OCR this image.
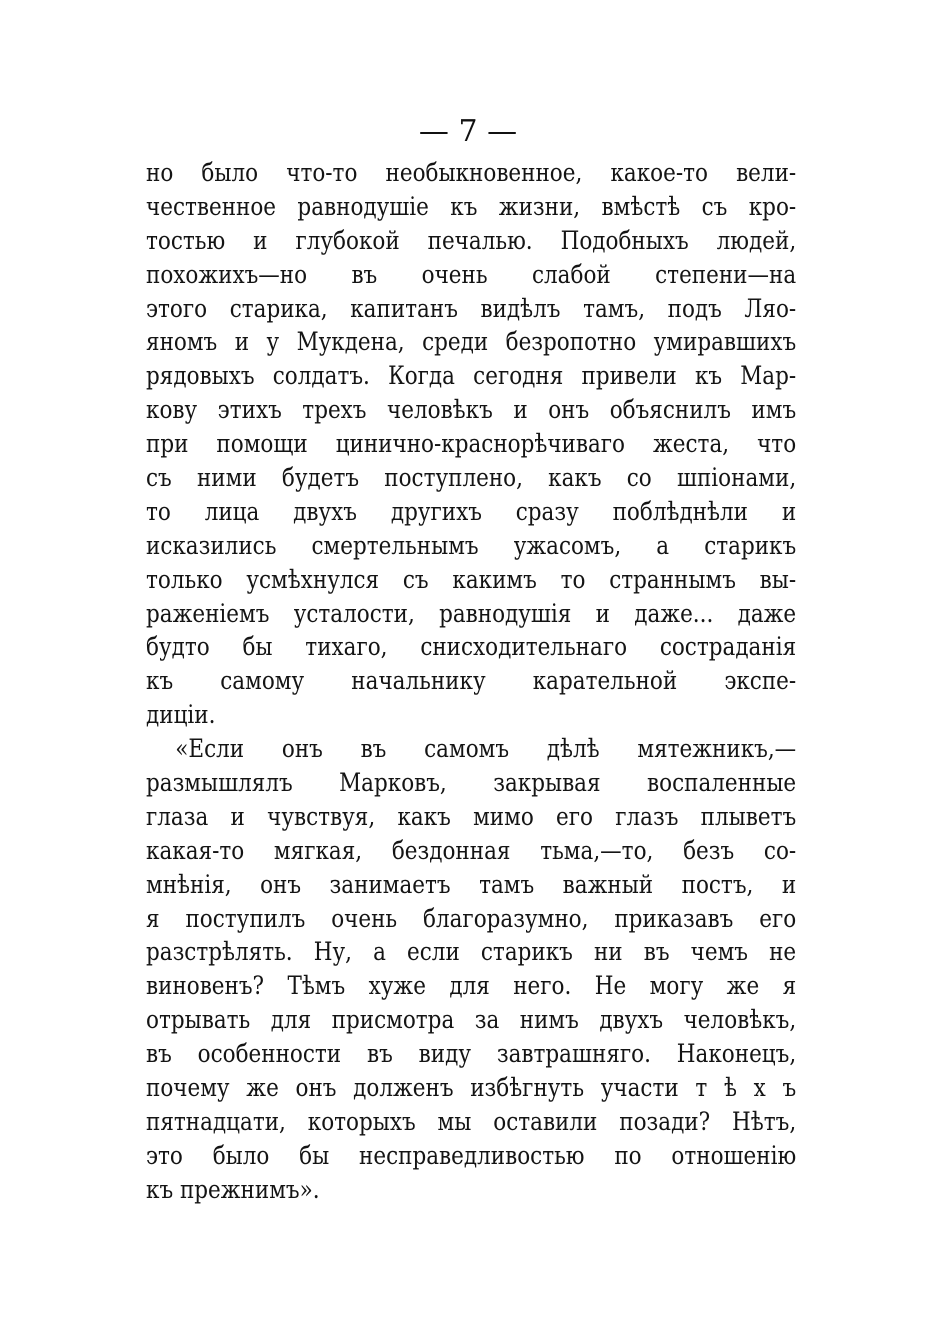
— 7 —
но было что-то необыкновенное, какое-то вели-
чественное равнодушіе къ жизни, вмѣстѣ съ кро-
тостью и глубокой печалью. Подобныхъ людей,
похожихъ—но въ очень слабой степени—на
этого старика, капитанъ видѣлъ тамъ, подъ Ляо-
яномъ и у Мукдена, среди безропотно умиравшихъ
рядовыхъ солдатъ. Когда сегодня привели къ Мар-
кову этихъ трехъ человѣкъ и онъ объяснилъ имъ
при помощи цинично-краснорѣчиваго жеста, что
съ ними будетъ поступлено, какъ со шпіонами,
то лица двухъ другихъ сразу поблѣднѣли и
исказились смертельнымъ ужасомъ, а старикъ
только усмѣхнулся съ какимъ то страннымъ вы-
раженіемъ усталости, равнодушія и даже... даже
будто бы тихаго, снисходительнаго состраданія
къ самому начальнику карательной экспе-
диціи.
«Если онъ въ самомъ дѣлѣ мятежникъ,—
размышлялъ Марковъ, закрывая воспаленные
глаза и чувствуя, какъ мимо его глазъ плыветъ
какая-то мягкая, бездонная тьма,—то, безъ со-
мнѣнія, онъ занимаетъ тамъ важный постъ, и
я поступилъ очень благоразумно, приказавъ его
разстрѣлять. Ну, а если старикъ ни въ чемъ не
виновенъ? Тѣмъ хуже для него. Не могу же я
отрывать для присмотра за нимъ двухъ человѣкъ,
въ особенности въ виду завтрашняго. Наконецъ,
почему же онъ долженъ избѣгнуть участи т ѣ х ъ
пятнадцати, которыхъ мы оставили позади? Нѣтъ,
это было бы несправедливостью по отношенію
къ прежнимъ».
